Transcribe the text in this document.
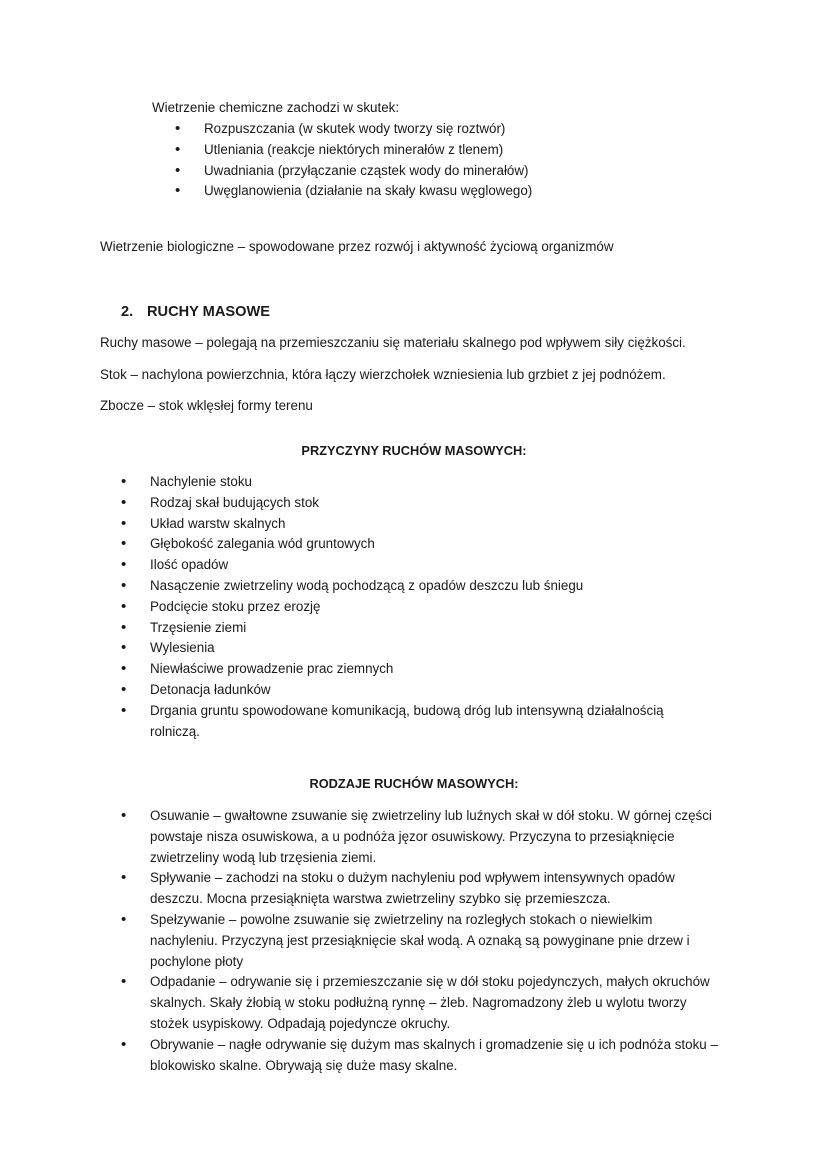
Wietrzenie chemiczne zachodzi w skutek:
• Rozpuszczania (w skutek wody tworzy się roztwór)
• Utleniania (reakcje niektórych minerałów z tlenem)
• Uwadniania (przyłączanie cząstek wody do minerałów)
• Uwęglanowienia (działanie na skały kwasu węglowego)
Wietrzenie biologiczne – spowodowane przez rozwój i aktywność życiową organizmów
2. RUCHY MASOWE
Ruchy masowe – polegają na przemieszczaniu się materiału skalnego pod wpływem siły ciężkości.
Stok – nachylona powierzchnia, która łączy wierzchołek wzniesienia lub grzbiet z jej podnóżem.
Zbocze – stok wklęsłej formy terenu
PRZYCZYNY RUCHÓW MASOWYCH:
• Nachylenie stoku
• Rodzaj skał budujących stok
• Układ warstw skalnych
• Głębokość zalegania wód gruntowych
• Ilość opadów
• Nasączenie zwietrzeliny wodą pochodzącą z opadów deszczu lub śniegu
• Podcięcie stoku przez erozję
• Trzęsienie ziemi
• Wylesienia
• Niewłaściwe prowadzenie prac ziemnych
• Detonacja ładunków
• Drgania gruntu spowodowane komunikacją, budową dróg lub intensywną działalnością rolniczą.
RODZAJE RUCHÓW MASOWYCH:
• Osuwanie – gwałtowne zsuwanie się zwietrzeliny lub luźnych skał w dół stoku. W górnej części powstaje nisza osuwiskowa, a u podnóża jęzor osuwiskowy. Przyczyna to przesiąknięcie zwietrzeliny wodą lub trzęsienia ziemi.
• Spływanie – zachodzi na stoku o dużym nachyleniu pod wpływem intensywnych opadów deszczu. Mocna przesiąknięta warstwa zwietrzeliny szybko się przemieszcza.
• Spełzywanie – powolne zsuwanie się zwietrzeliny na rozległych stokach o niewielkim nachyleniu. Przyczyną jest przesiąknięcie skał wodą. A oznaką są powyginane pnie drzew i pochylone płoty
• Odpadanie – odrywanie się i przemieszczanie się w dół stoku pojedynczych, małych okruchów skalnych. Skały żłobią w stoku podłużną rynnę – żleb. Nagromadzony żleb u wylotu tworzy stożek usypiskowy. Odpadają pojedyncze okruchy.
• Obrywanie – nagłe odrywanie się dużym mas skalnych i gromadzenie się u ich podnóża stoku – blokowisko skalne. Obrywają się duże masy skalne.
